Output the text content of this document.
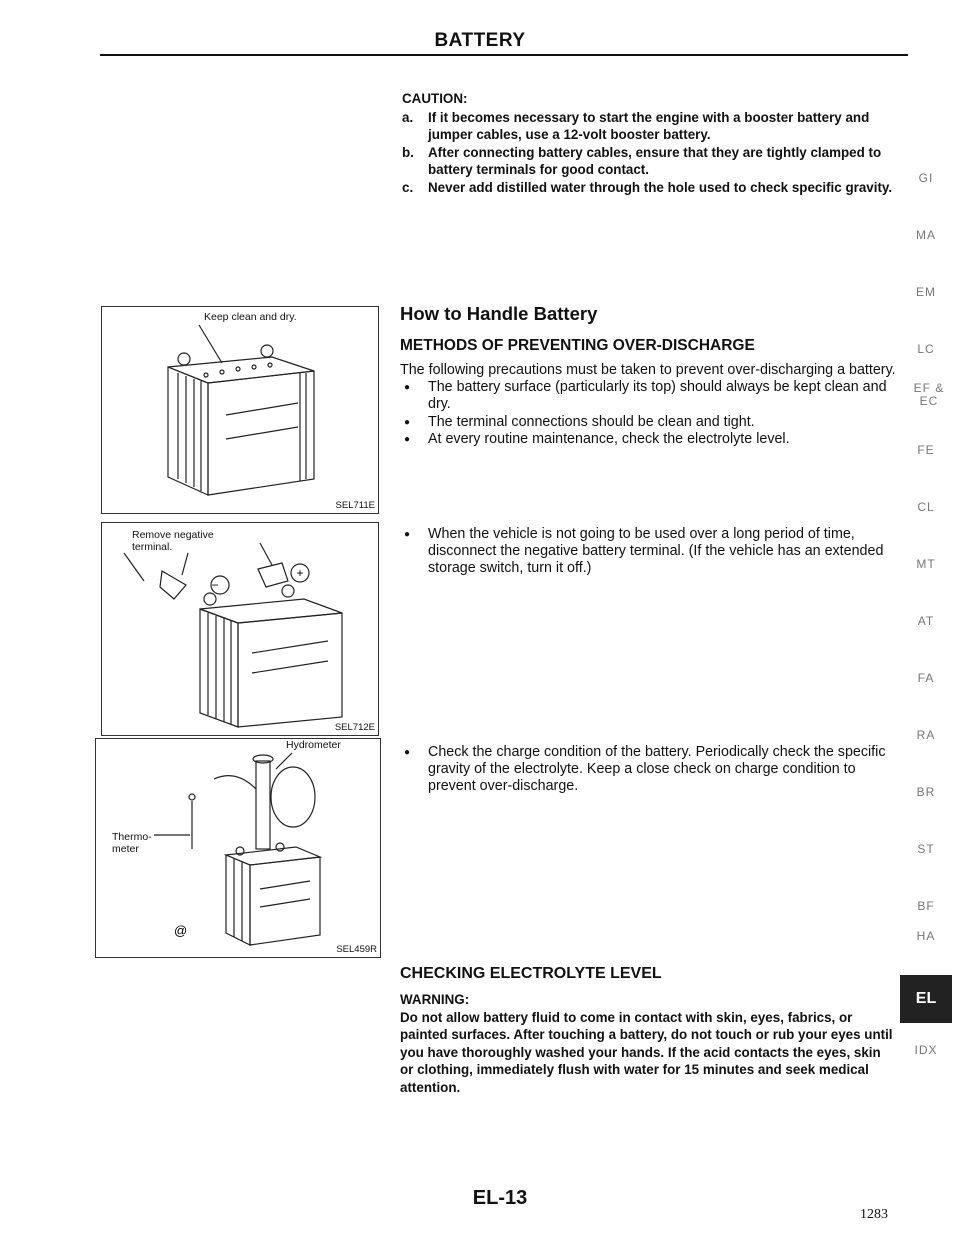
BATTERY
CAUTION:
a.	If it becomes necessary to start the engine with a booster battery and jumper cables, use a 12-volt booster battery.
b.	After connecting battery cables, ensure that they are tightly clamped to battery terminals for good contact.
c.	Never add distilled water through the hole used to check specific gravity.
How to Handle Battery
METHODS OF PREVENTING OVER-DISCHARGE
The following precautions must be taken to prevent over-discharging a battery.
●	The battery surface (particularly its top) should always be kept clean and dry.
●	The terminal connections should be clean and tight.
●	At every routine maintenance, check the electrolyte level.
●	When the vehicle is not going to be used over a long period of time, disconnect the negative battery terminal. (If the vehicle has an extended storage switch, turn it off.)
●	Check the charge condition of the battery. Periodically check the specific gravity of the electrolyte. Keep a close check on charge condition to prevent over-discharge.
CHECKING ELECTROLYTE LEVEL
WARNING:
Do not allow battery fluid to come in contact with skin, eyes, fabrics, or painted surfaces. After touching a battery, do not touch or rub your eyes until you have thoroughly washed your hands. If the acid contacts the eyes, skin or clothing, immediately flush with water for 15 minutes and seek medical attention.
Keep clean and dry.
SEL711E
−
+
Remove negative terminal.
SEL712E
@
Hydrometer
Thermo- meter
SEL459R
GI
MA
EM
LC
EF & EC
FE
CL
MT
AT
FA
RA
BR
ST
BF
HA
EL
IDX
EL-13
1283
